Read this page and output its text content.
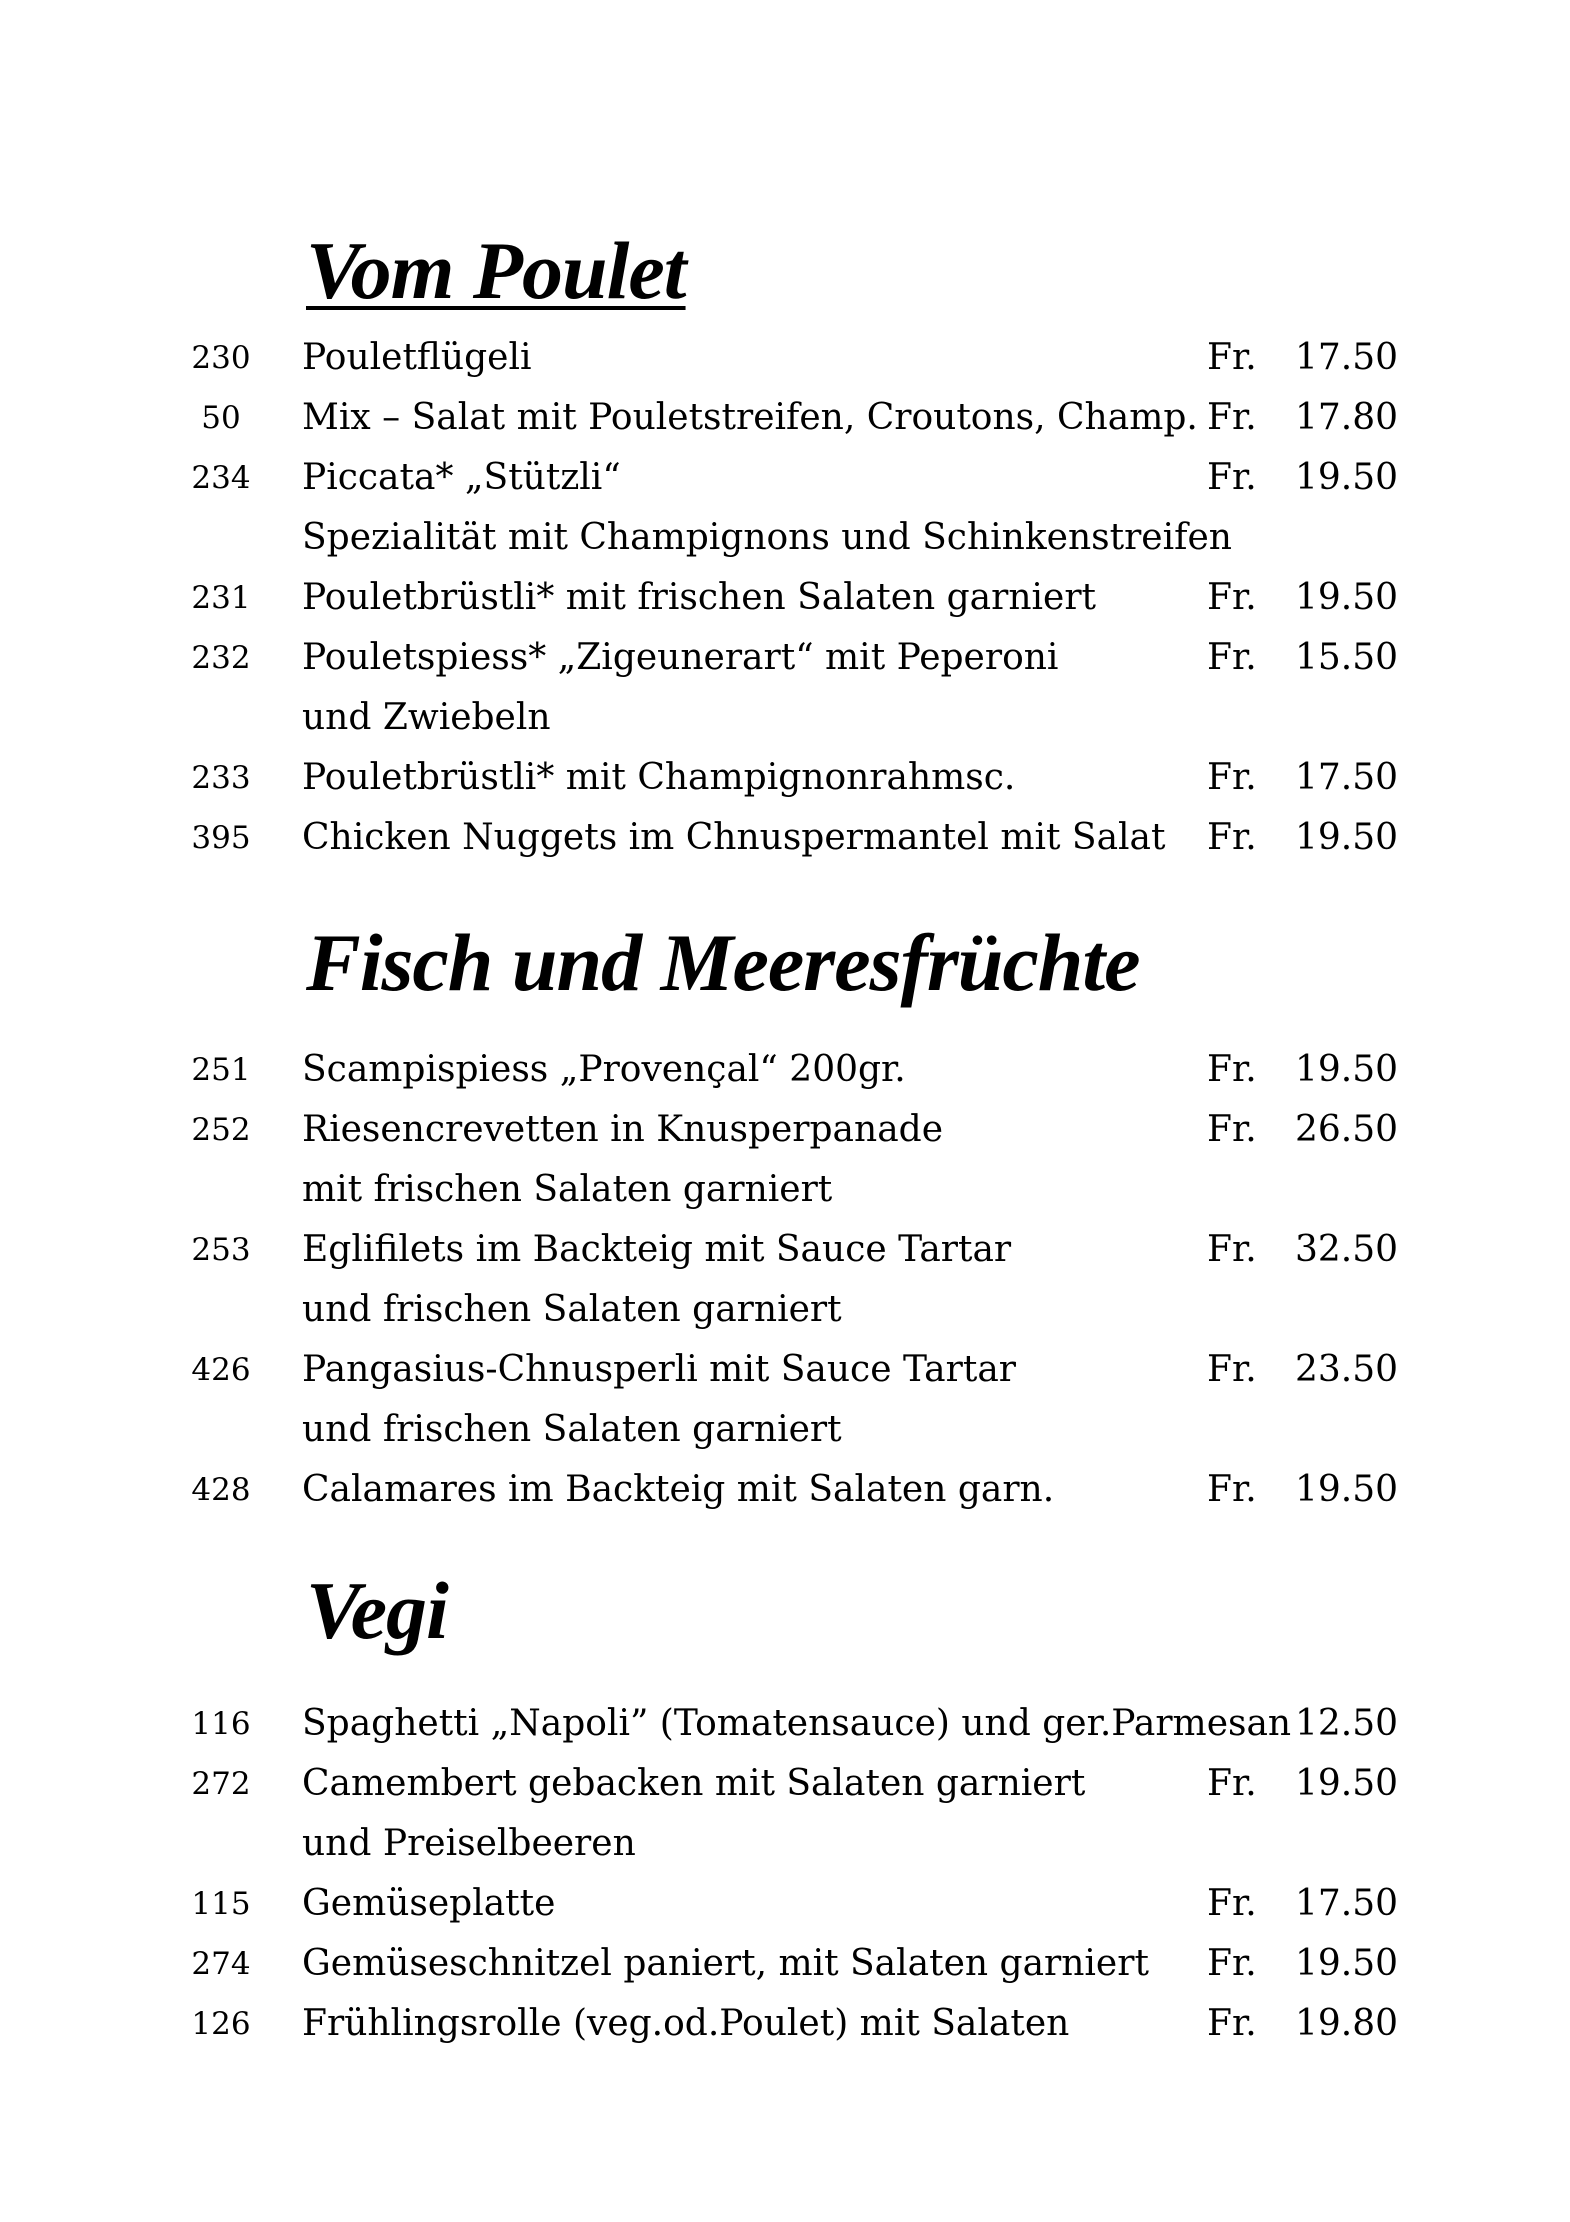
Vom Poulet
230 Pouletflügeli	Fr. 17.50
50	Mix – Salat mit Pouletstreifen, Croutons, Champ. Fr. 17.80
234 Piccata* „Stützli“	Fr. 19.50
Spezialität mit Champignons und Schinkenstreifen
231 Pouletbrüstli* mit frischen Salaten garniert	Fr. 19.50
232 Pouletspiess* „Zigeunerart“ mit Peperoni	Fr. 15.50
und Zwiebeln
233 Pouletbrüstli* mit Champignonrahmsc.	Fr. 17.50
395 Chicken Nuggets im Chnuspermantel mit Salat Fr. 19.50
Fisch und Meeresfrüchte
251 Scampispiess „Provençal“ 200gr.	Fr. 19.50
252 Riesencrevetten in Knusperpanade	Fr. 26.50
mit frischen Salaten garniert
253 Eglifilets im Backteig mit Sauce Tartar	Fr. 32.50
und frischen Salaten garniert
426 Pangasius-Chnusperli mit Sauce Tartar	Fr. 23.50
und frischen Salaten garniert
428 Calamares im Backteig mit Salaten garn.	Fr. 19.50
Vegi
116 Spaghetti „Napoli” (Tomatensauce) und ger.Parmesan 12.50
272 Camembert gebacken mit Salaten garniert	Fr. 19.50
und Preiselbeeren
115 Gemüseplatte	Fr. 17.50
274 Gemüseschnitzel paniert, mit Salaten garniert Fr. 19.50
126 Frühlingsrolle (veg.od.Poulet) mit Salaten	Fr. 19.80
